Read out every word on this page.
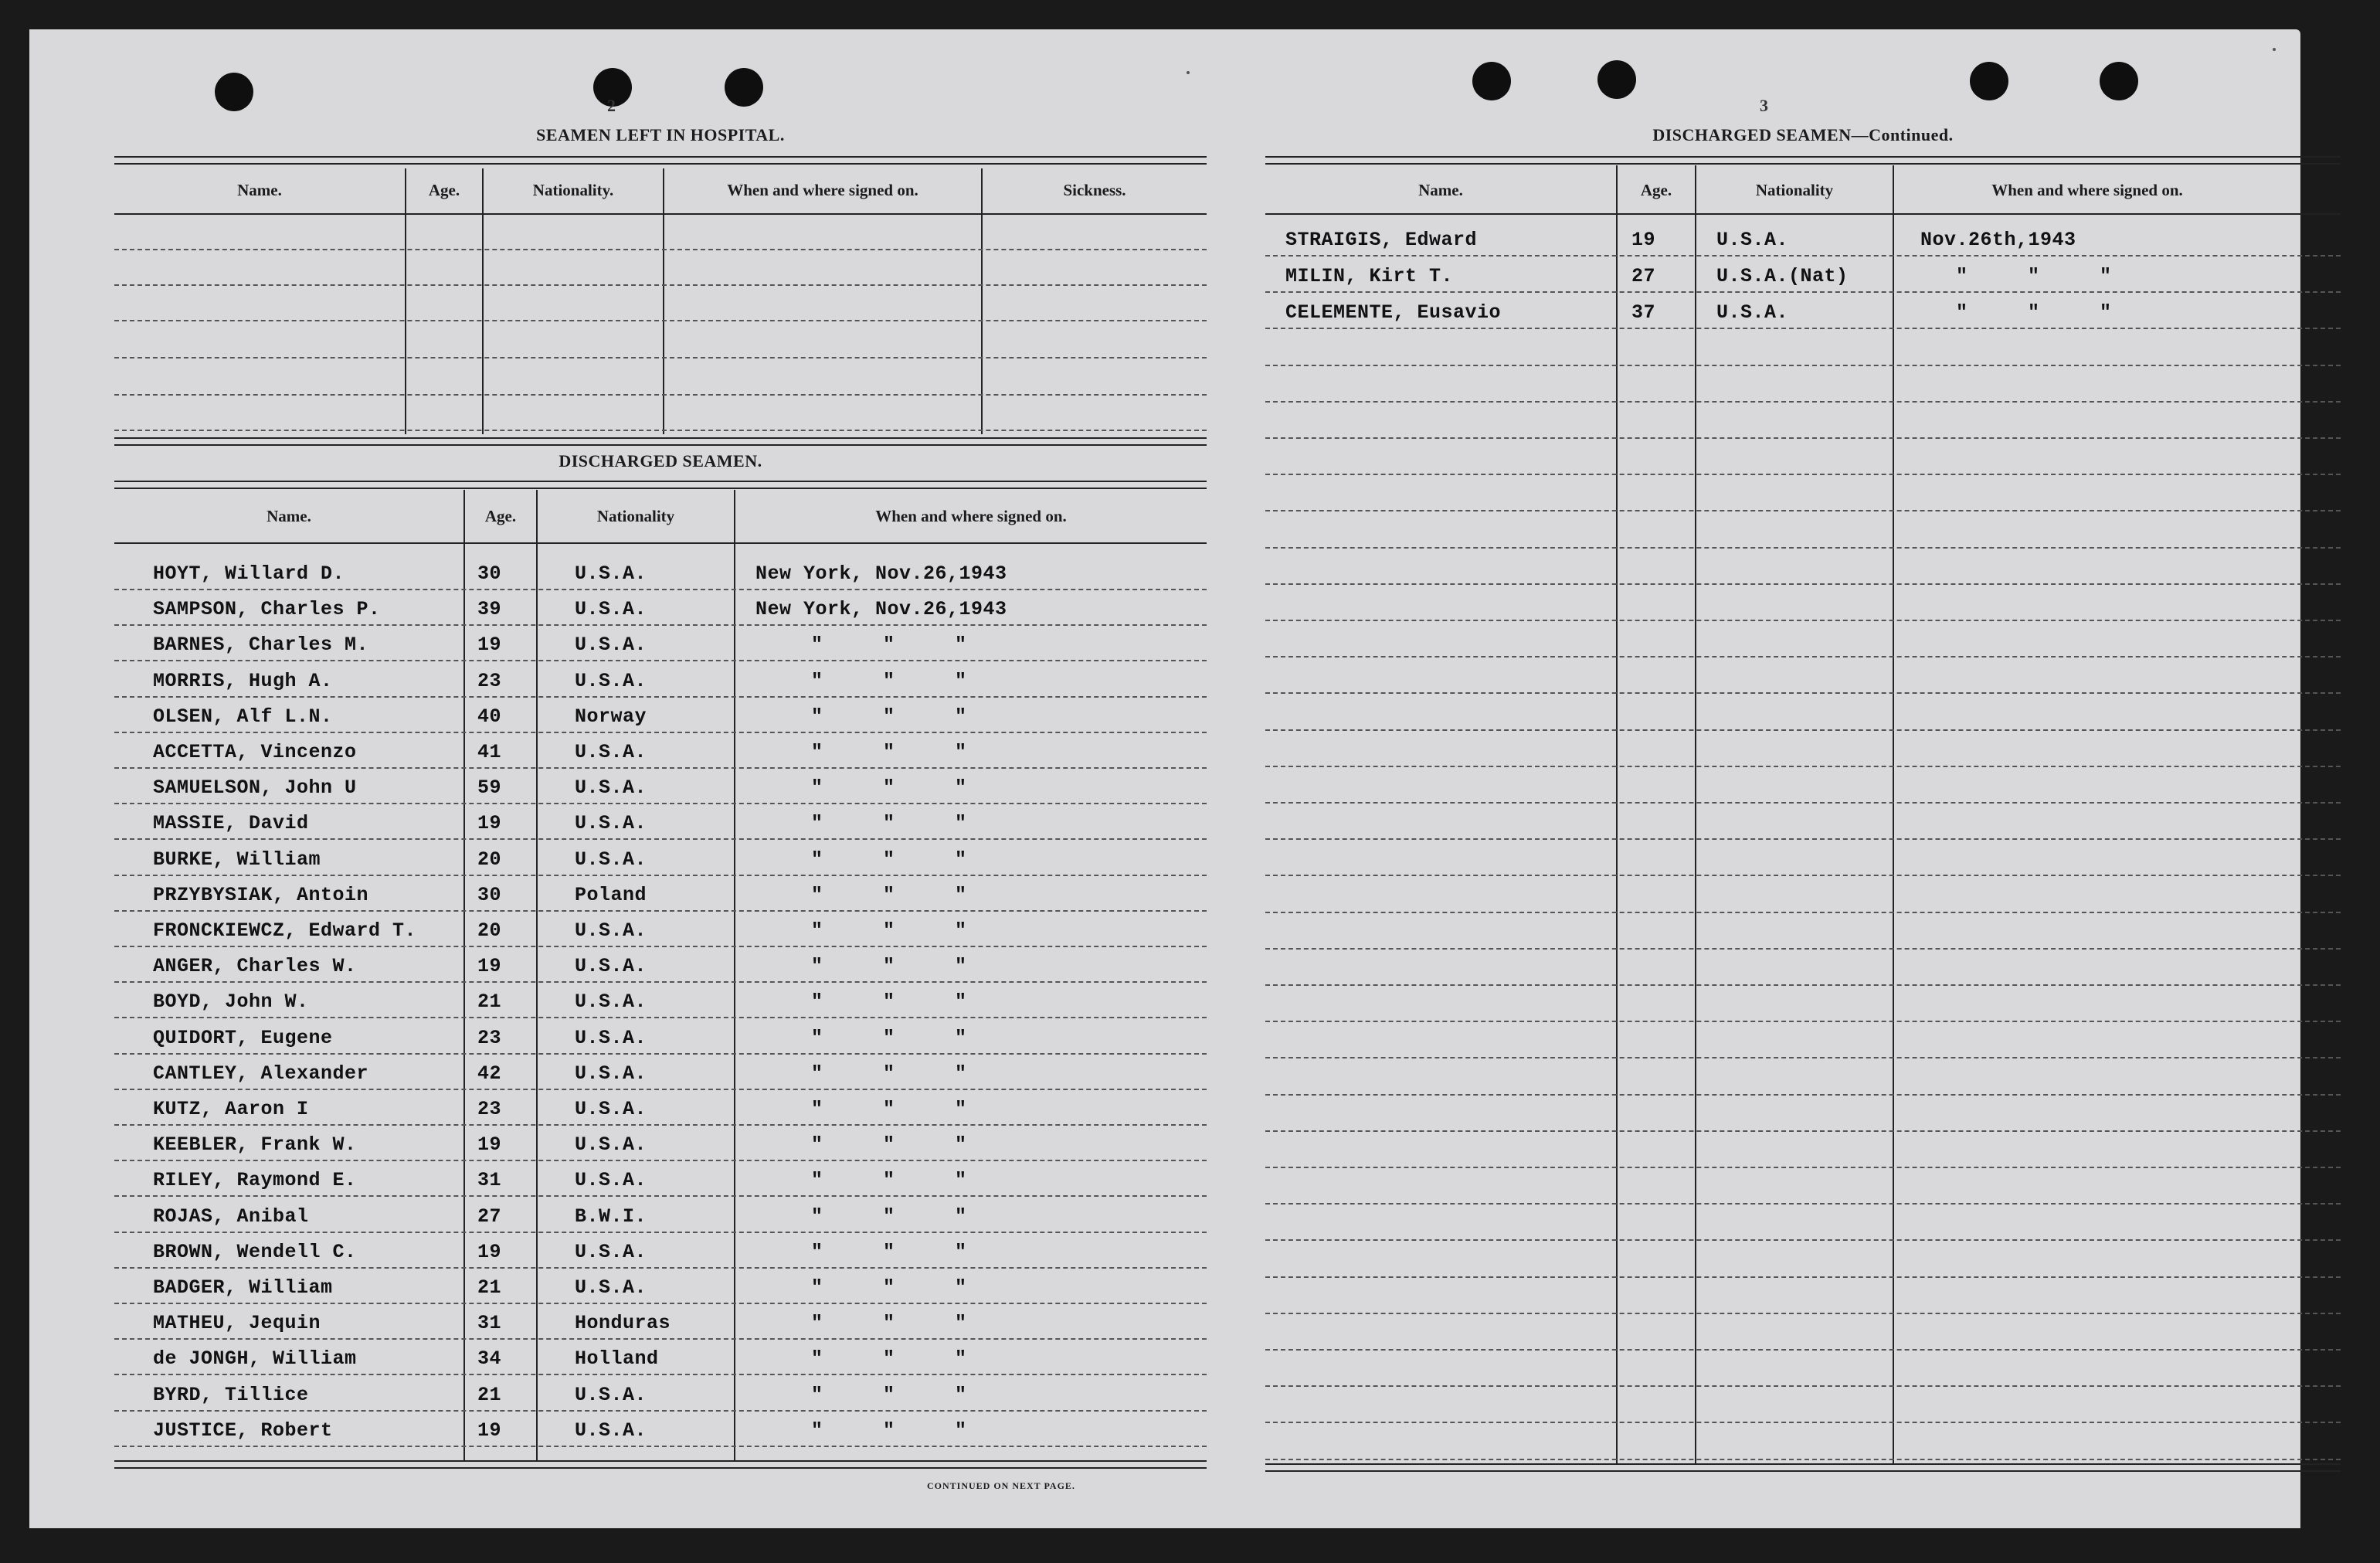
2
SEAMEN LEFT IN HOSPITAL.
Name.	Age.	Nationality.	When and where signed on.	Sickness.
DISCHARGED SEAMEN.
Name.	Age.	Nationality	When and where signed on.
CONTINUED ON NEXT PAGE.
3
DISCHARGED SEAMEN—Continued.
Name.	Age.	Nationality	When and where signed on.
HOYT, Willard D.	30	U.S.A.	New York, Nov.26,1943
SAMPSON, Charles P.	39	U.S.A.	New York, Nov.26,1943
BARNES, Charles M.	19	U.S.A.	"     "     "
MORRIS, Hugh A.	23	U.S.A.	"     "     "
OLSEN, Alf L.N.	40	Norway	"     "     "
ACCETTA, Vincenzo	41	U.S.A.	"     "     "
SAMUELSON, John U	59	U.S.A.	"     "     "
MASSIE, David	19	U.S.A.	"     "     "
BURKE, William	20	U.S.A.	"     "     "
PRZYBYSIAK, Antoin	30	Poland	"     "     "
FRONCKIEWCZ, Edward T.	20	U.S.A.	"     "     "
ANGER, Charles W.	19	U.S.A.	"     "     "
BOYD, John W.	21	U.S.A.	"     "     "
QUIDORT, Eugene	23	U.S.A.	"     "     "
CANTLEY, Alexander	42	U.S.A.	"     "     "
KUTZ, Aaron I	23	U.S.A.	"     "     "
KEEBLER, Frank W.	19	U.S.A.	"     "     "
RILEY, Raymond E.	31	U.S.A.	"     "     "
ROJAS, Anibal	27	B.W.I.	"     "     "
BROWN, Wendell C.	19	U.S.A.	"     "     "
BADGER, William	21	U.S.A.	"     "     "
MATHEU, Jequin	31	Honduras	"     "     "
de JONGH, William	34	Holland	"     "     "
BYRD, Tillice	21	U.S.A.	"     "     "
JUSTICE, Robert	19	U.S.A.	"     "     "
STRAIGIS, Edward	19	U.S.A.	Nov.26th,1943
MILIN, Kirt T.	27	U.S.A.(Nat)	"     "     "
CELEMENTE, Eusavio	37	U.S.A.	"     "     "
